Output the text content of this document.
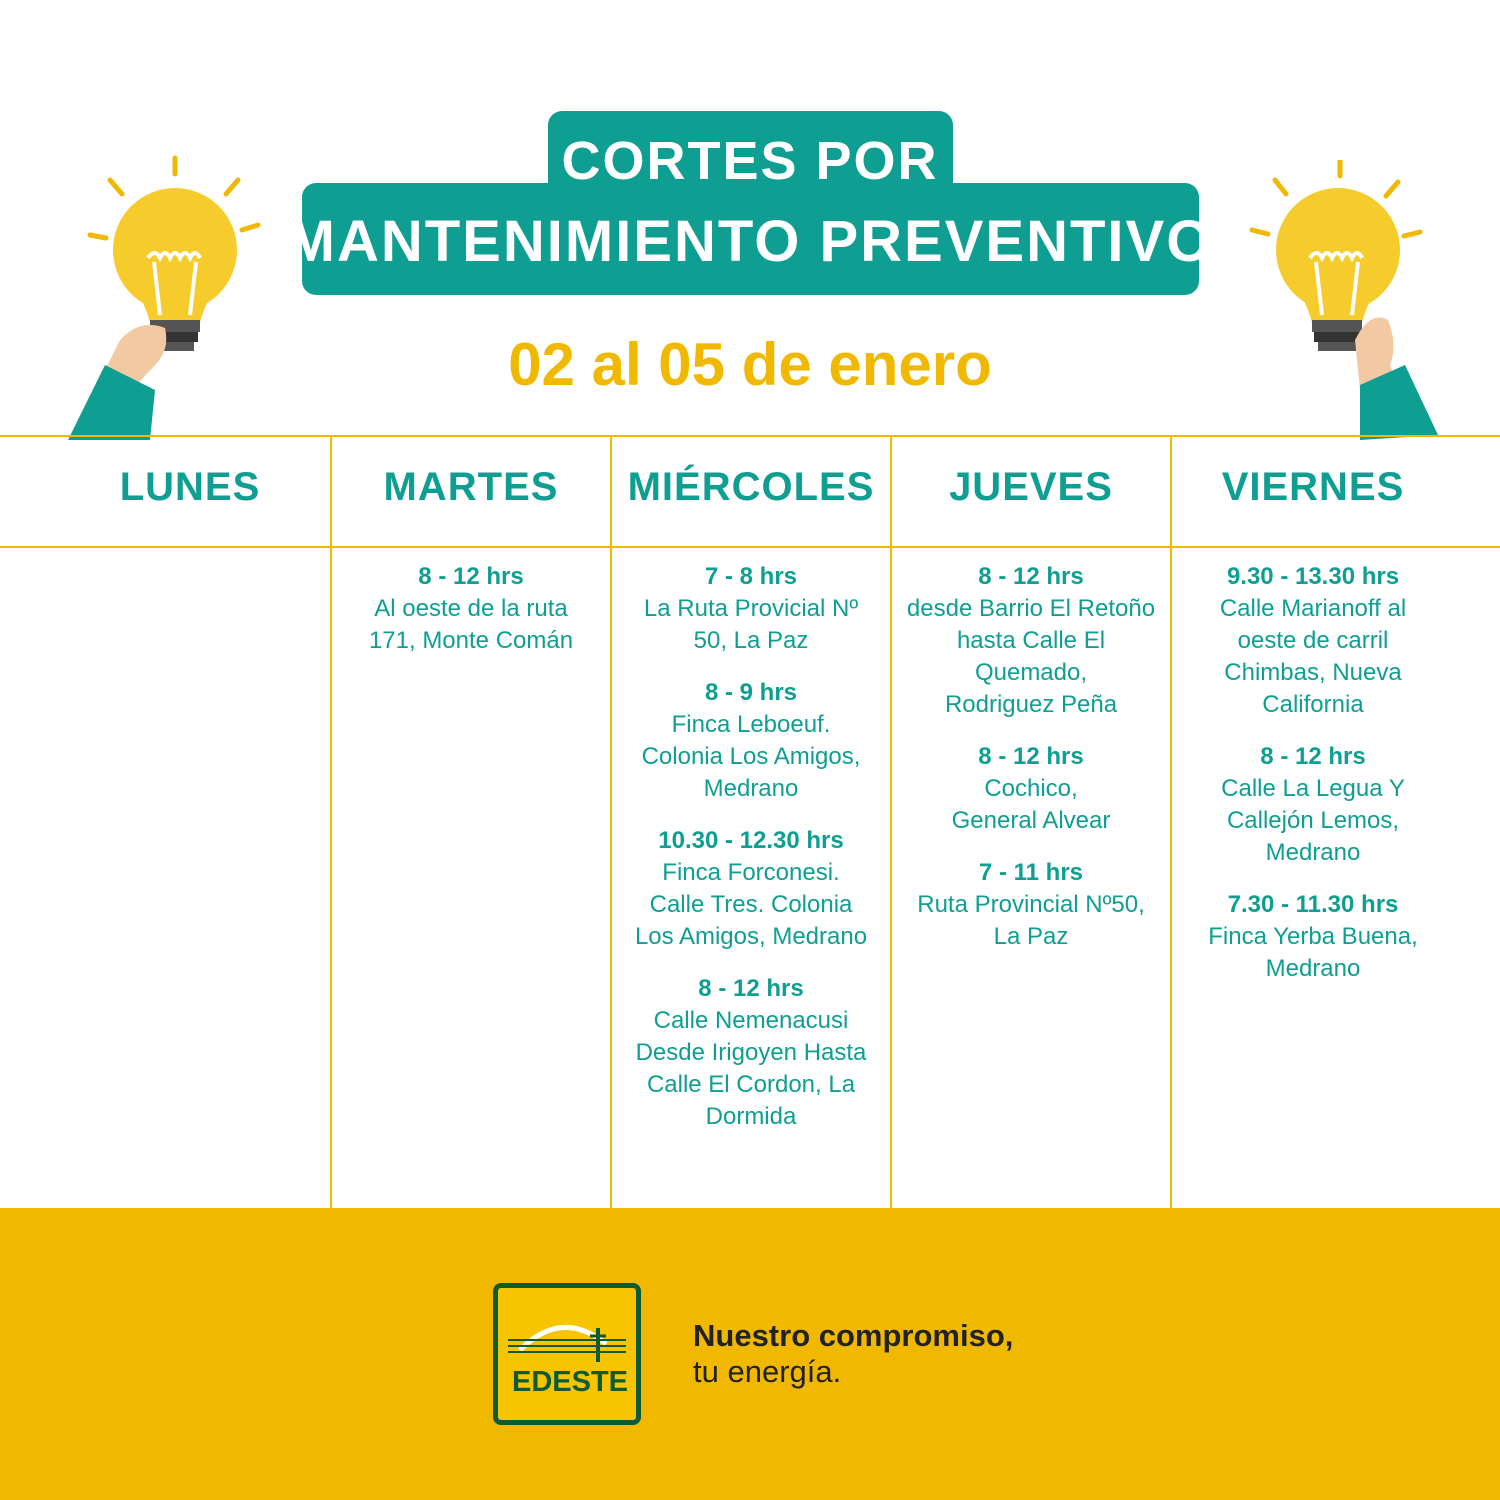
CORTES POR
MANTENIMIENTO PREVENTIVO
02 al 05 de enero
LUNES	MARTES
8 - 12 hrs
Al oeste de la ruta
171, Monte Comán
MIÉRCOLES
7 - 8 hrs
La Ruta Provicial Nº
50, La Paz
8 - 9 hrs
Finca Leboeuf.
Colonia Los Amigos,
Medrano
10.30 - 12.30 hrs
Finca Forconesi.
Calle Tres. Colonia
Los Amigos, Medrano
8 - 12 hrs
Calle Nemenacusi
Desde Irigoyen Hasta
Calle El Cordon, La
Dormida
JUEVES
8 - 12 hrs
desde Barrio El Retoño
hasta Calle El
Quemado,
Rodriguez Peña
8 - 12 hrs
Cochico,
General Alvear
7 - 11 hrs
Ruta Provincial Nº50,
La Paz
VIERNES
9.30 - 13.30 hrs
Calle Marianoff al
oeste de carril
Chimbas, Nueva
California
8 - 12 hrs
Calle La Legua Y
Callejón Lemos,
Medrano
7.30 - 11.30 hrs
Finca Yerba Buena,
Medrano
EDESTE
Nuestro compromiso,
tu energía.
